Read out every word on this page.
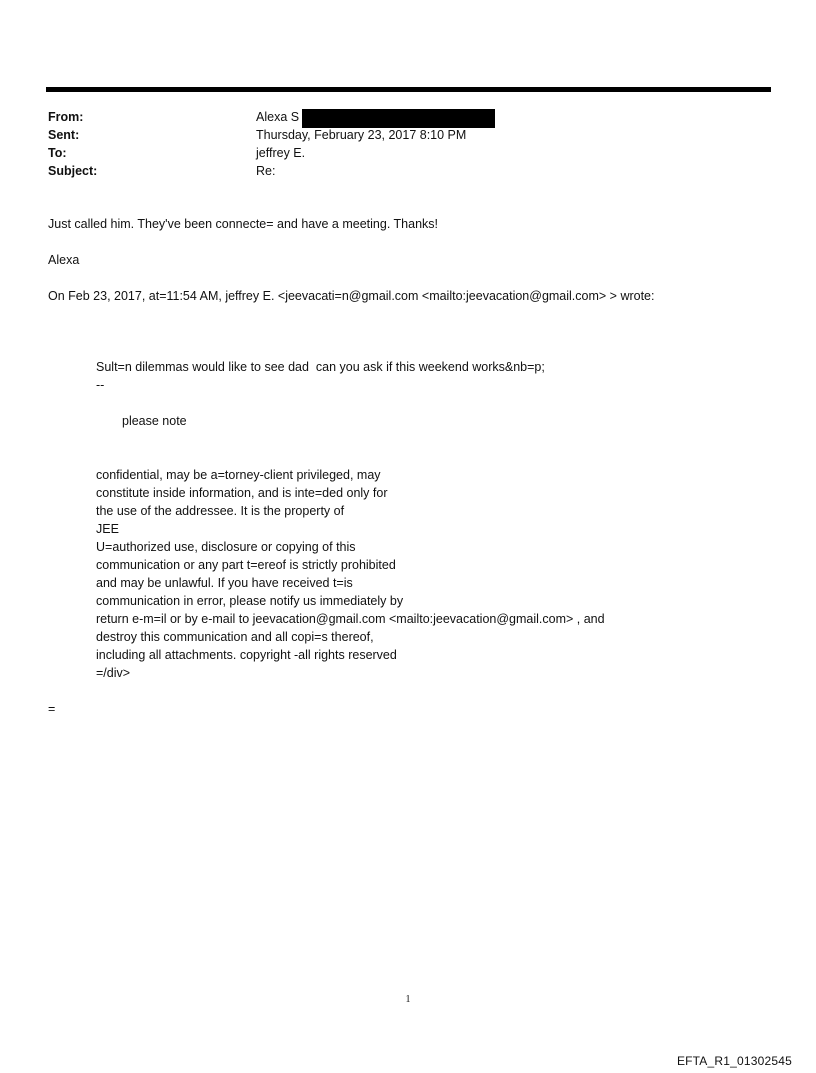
From:	Alexa S
Sent:	Thursday, February 23, 2017 8:10 PM
To:	jeffrey E.
Subject:	Re:
Just called him. They've been connecte= and have a meeting. Thanks!
Alexa
On Feb 23, 2017, at=11:54 AM, jeffrey E. <jeevacati=n@gmail.com <mailto:jeevacation@gmail.com> > wrote:
Sult=n dilemmas would like to see dad  can you ask if this weekend works&nb=p;
--
please note
confidential, may be a=torney-client privileged, may
constitute inside information, and is inte=ded only for
the use of the addressee. It is the property of
JEE
U=authorized use, disclosure or copying of this
communication or any part t=ereof is strictly prohibited
and may be unlawful. If you have received t=is
communication in error, please notify us immediately by
return e-m=il or by e-mail to jeevacation@gmail.com <mailto:jeevacation@gmail.com> , and
destroy this communication and all copi=s thereof,
including all attachments. copyright -all rights reserved
=/div>
=
1
EFTA_R1_01302545
